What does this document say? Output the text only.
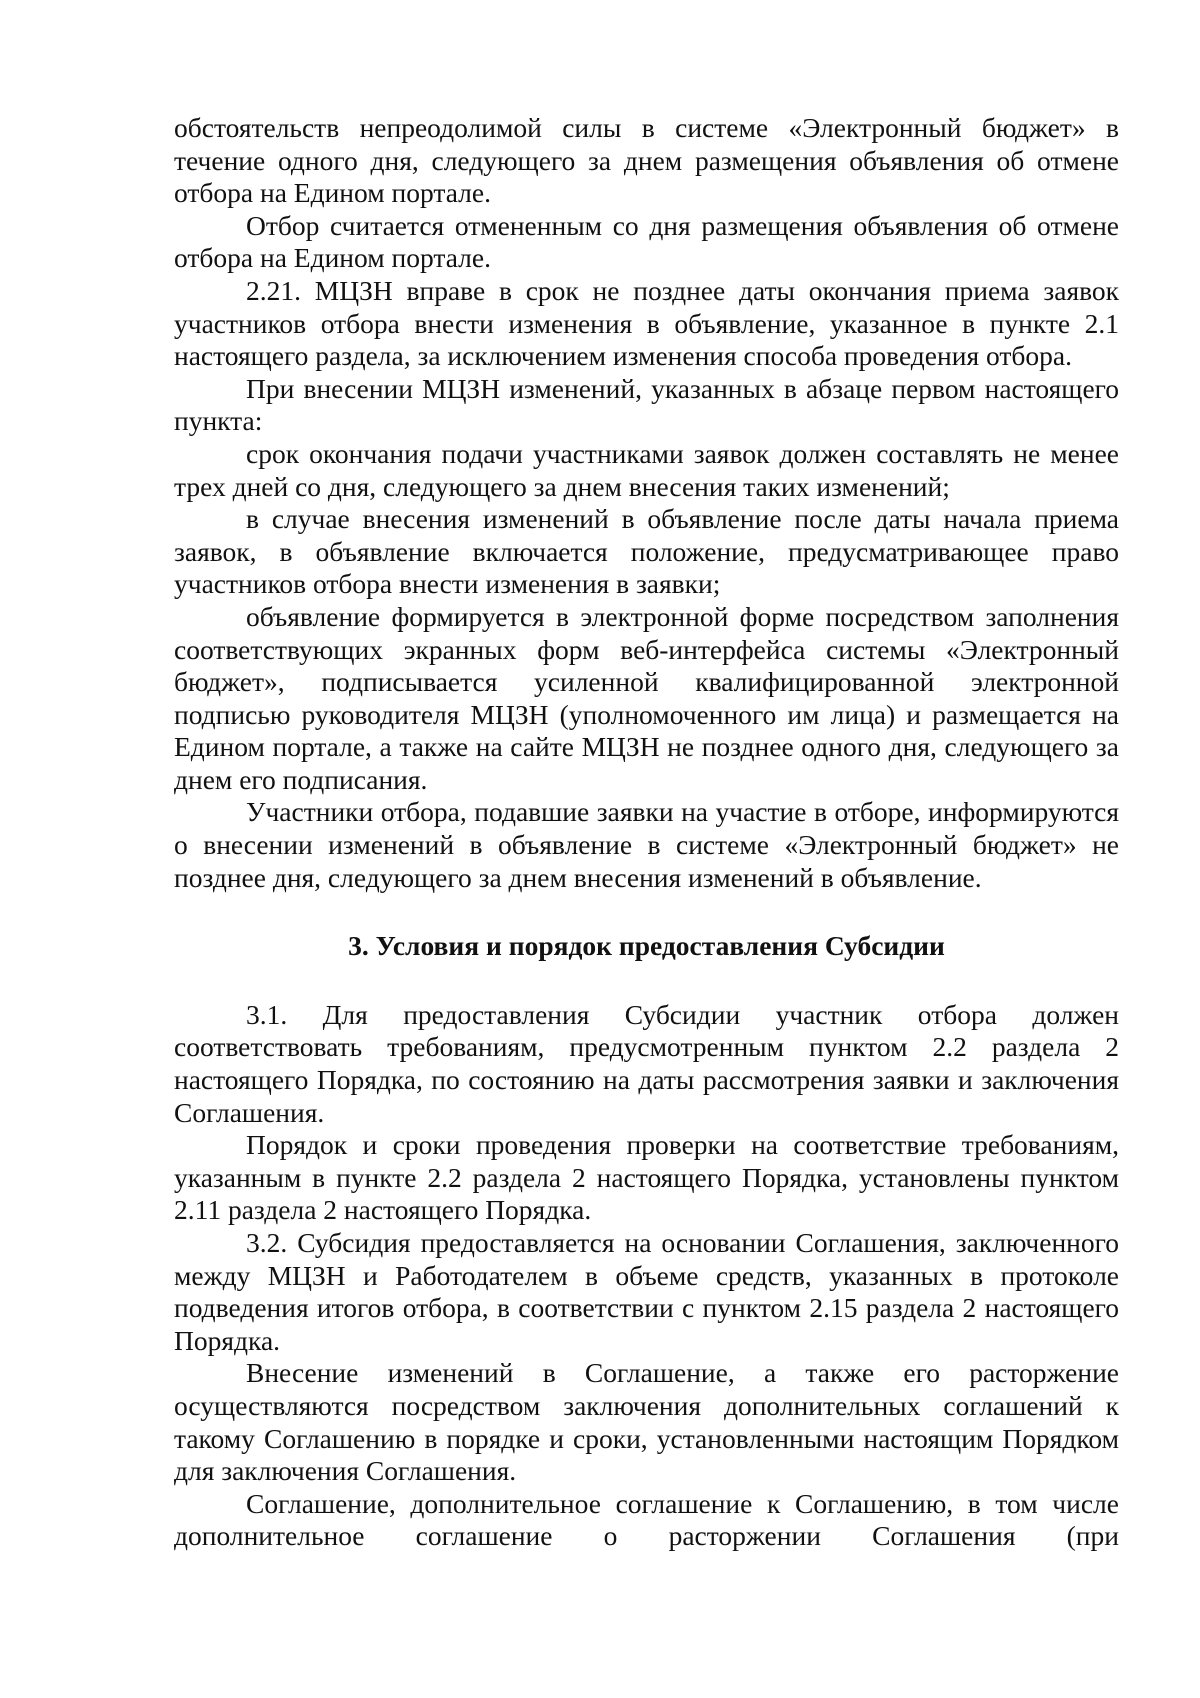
обстоятельств непреодолимой силы в системе «Электронный бюджет» в течение одного дня, следующего за днем размещения объявления об отмене отбора на Едином портале.

Отбор считается отмененным со дня размещения объявления об отмене отбора на Едином портале.

2.21. МЦЗН вправе в срок не позднее даты окончания приема заявок участников отбора внести изменения в объявление, указанное в пункте 2.1 настоящего раздела, за исключением изменения способа проведения отбора.

При внесении МЦЗН изменений, указанных в абзаце первом настоящего пункта:

срок окончания подачи участниками заявок должен составлять не менее трех дней со дня, следующего за днем внесения таких изменений;

в случае внесения изменений в объявление после даты начала приема заявок, в объявление включается положение, предусматривающее право участников отбора внести изменения в заявки;

объявление формируется в электронной форме посредством заполнения соответствующих экранных форм веб-интерфейса системы «Электронный бюджет», подписывается усиленной квалифицированной электронной подписью руководителя МЦЗН (уполномоченного им лица) и размещается на Едином портале, а также на сайте МЦЗН не позднее одного дня, следующего за днем его подписания.

Участники отбора, подавшие заявки на участие в отборе, информируются о внесении изменений в объявление в системе «Электронный бюджет» не позднее дня, следующего за днем внесения изменений в объявление.

3. Условия и порядок предоставления Субсидии

3.1. Для предоставления Субсидии участник отбора должен соответствовать требованиям, предусмотренным пунктом 2.2 раздела 2 настоящего Порядка, по состоянию на даты рассмотрения заявки и заключения Соглашения.

Порядок и сроки проведения проверки на соответствие требованиям, указанным в пункте 2.2 раздела 2 настоящего Порядка, установлены пунктом 2.11 раздела 2 настоящего Порядка.

3.2. Субсидия предоставляется на основании Соглашения, заключенного между МЦЗН и Работодателем в объеме средств, указанных в протоколе подведения итогов отбора, в соответствии с пунктом 2.15 раздела 2 настоящего Порядка.

Внесение изменений в Соглашение, а также его расторжение осуществляются посредством заключения дополнительных соглашений к такому Соглашению в порядке и сроки, установленными настоящим Порядком для заключения Соглашения.

Соглашение, дополнительное соглашение к Соглашению, в том числе дополнительное соглашение о расторжении Соглашения (при
